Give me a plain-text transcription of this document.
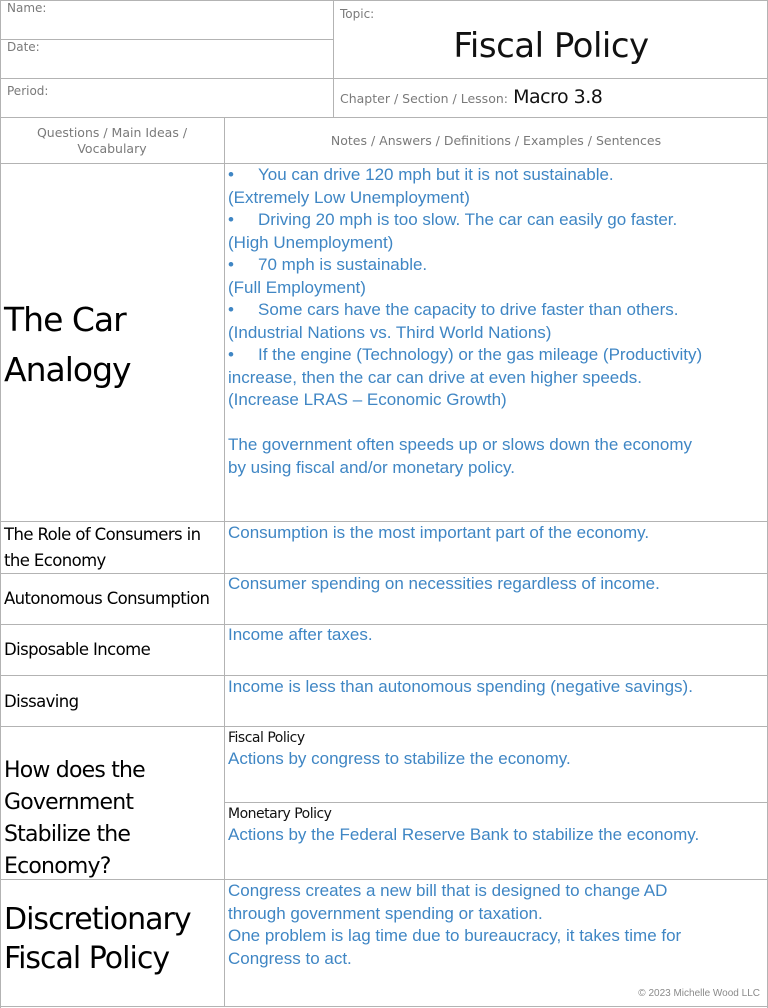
Name:
Date:
Period:
Topic:
Fiscal Policy
Chapter / Section / Lesson: Macro 3.8
Questions / Main Ideas / Vocabulary
Notes / Answers / Definitions / Examples / Sentences
The Car Analogy
• You can drive 120 mph but it is not sustainable.
(Extremely Low Unemployment)
• Driving 20 mph is too slow. The car can easily go faster.
(High Unemployment)
• 70 mph is sustainable.
(Full Employment)
• Some cars have the capacity to drive faster than others.
(Industrial Nations vs. Third World Nations)
• If the engine (Technology) or the gas mileage (Productivity)
increase, then the car can drive at even higher speeds.
(Increase LRAS – Economic Growth)
The government often speeds up or slows down the economy
by using fiscal and/or monetary policy.
The Role of Consumers in the Economy
Consumption is the most important part of the economy.
Autonomous Consumption
Consumer spending on necessities regardless of income.
Disposable Income
Income after taxes.
Dissaving
Income is less than autonomous spending (negative savings).
How does the Government Stabilize the Economy?
Fiscal Policy
Actions by congress to stabilize the economy.
Monetary Policy
Actions by the Federal Reserve Bank to stabilize the economy.
Discretionary Fiscal Policy
Congress creates a new bill that is designed to change AD
through government spending or taxation.
One problem is lag time due to bureaucracy, it takes time for
Congress to act.
© 2023 Michelle Wood LLC
